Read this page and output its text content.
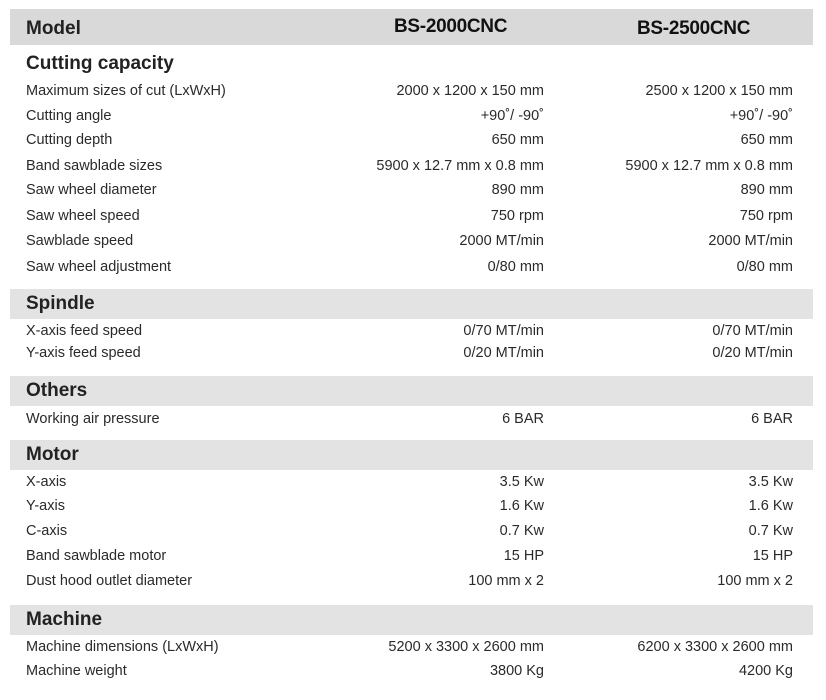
Model	BS-2000CNC	BS-2500CNC
Cutting capacity
Maximum sizes of cut (LxWxH)	2000 x 1200 x 150 mm	2500 x 1200 x 150 mm
Cutting angle	+90˚/ -90˚	+90˚/ -90˚
Cutting depth	650 mm	650 mm
Band sawblade sizes	5900 x 12.7 mm x 0.8 mm	5900 x 12.7 mm x 0.8 mm
Saw wheel diameter	890 mm	890 mm
Saw wheel speed	750 rpm	750 rpm
Sawblade speed	2000 MT/min	2000 MT/min
Saw wheel adjustment	0/80 mm	0/80 mm
Spindle
X-axis feed speed	0/70 MT/min	0/70 MT/min
Y-axis feed speed	0/20 MT/min	0/20 MT/min
Others
Working air pressure	6 BAR	6 BAR
Motor
X-axis	3.5 Kw	3.5 Kw
Y-axis	1.6 Kw	1.6 Kw
C-axis	0.7 Kw	0.7 Kw
Band sawblade motor	15 HP	15 HP
Dust hood outlet diameter	100 mm x 2	100 mm x 2
Machine
Machine dimensions (LxWxH)	5200 x 3300 x 2600 mm	6200 x 3300 x 2600 mm
Machine weight	3800 Kg	4200 Kg
